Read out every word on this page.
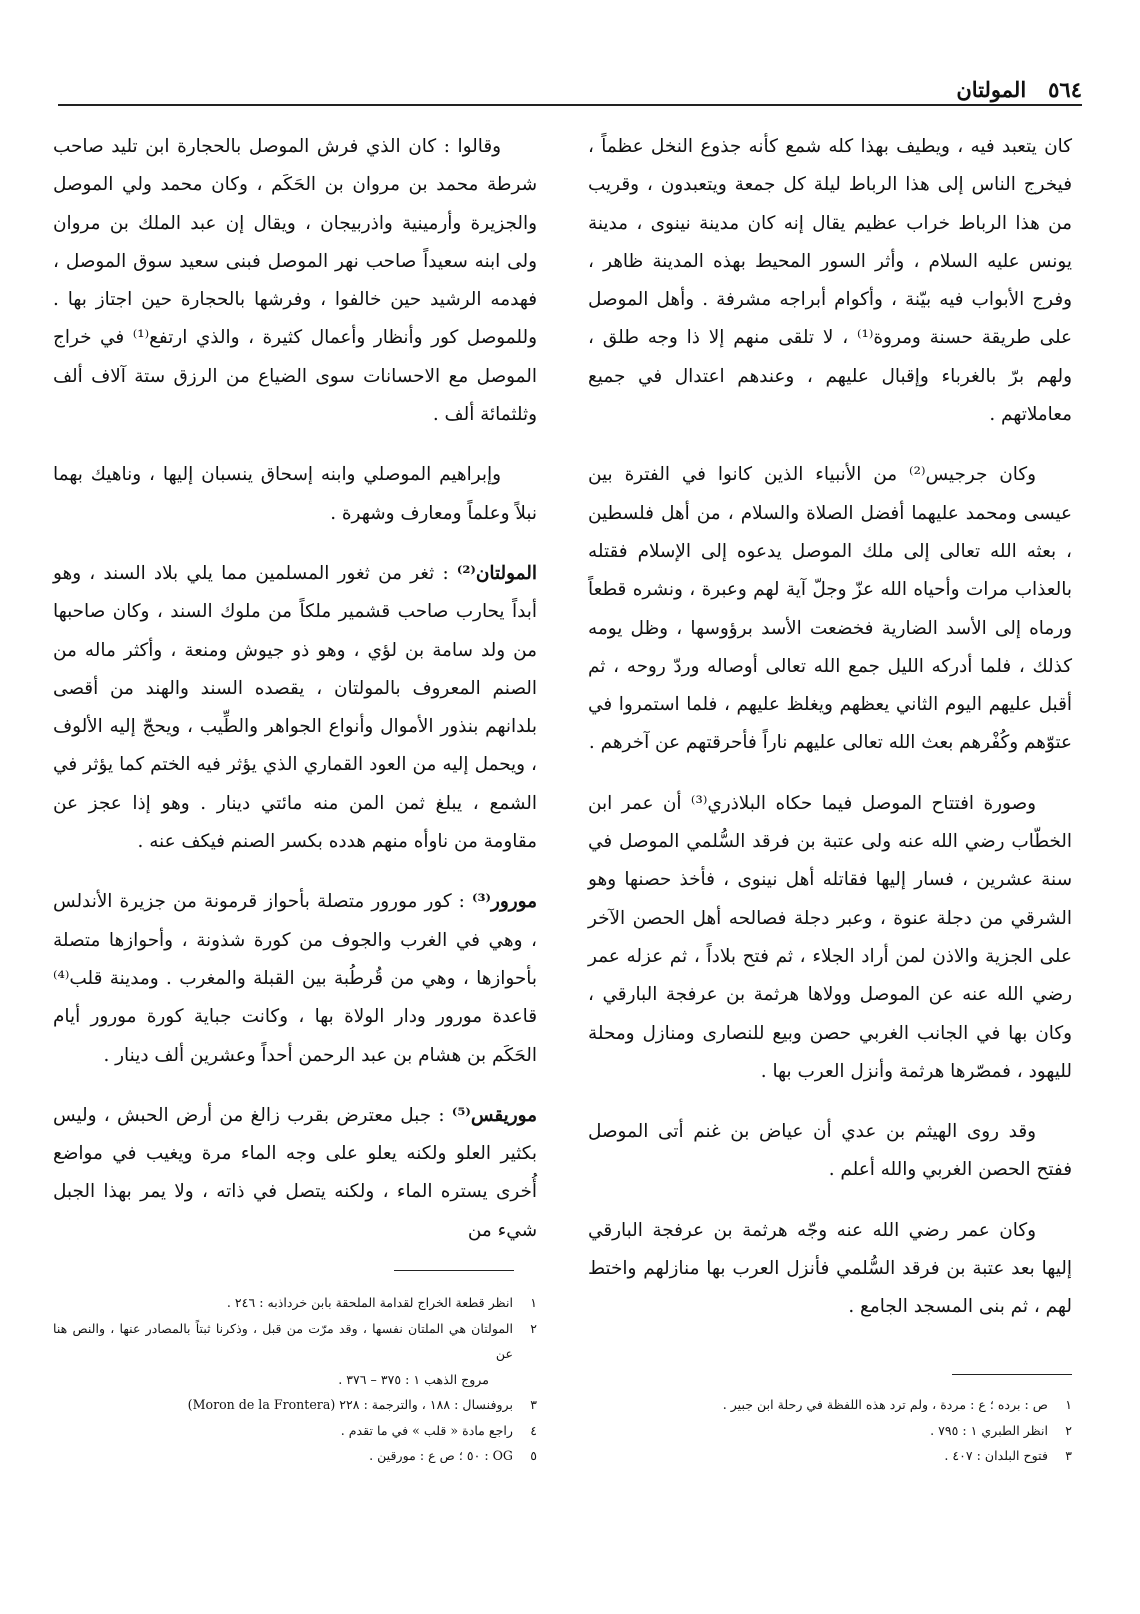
٥٦٤
المولتان

كان يتعبد فيه ، ويطيف بهذا كله شمع كأنه جذوع النخل عظماً ، فيخرج الناس إلى هذا الرباط ليلة كل جمعة ويتعبدون ، وقريب من هذا الرباط خراب عظيم يقال إنه كان مدينة نينوى ، مدينة يونس عليه السلام ، وأثر السور المحيط بهذه المدينة ظاهر ، وفرج الأبواب فيه بيّنة ، وأكوام أبراجه مشرفة . وأهل الموصل على طريقة حسنة ومروة⁽¹⁾ ، لا تلقى منهم إلا ذا وجه طلق ، ولهم برّ بالغرباء وإقبال عليهم ، وعندهم اعتدال في جميع معاملاتهم .

وكان جرجيس⁽²⁾ من الأنبياء الذين كانوا في الفترة بين عيسى ومحمد عليهما أفضل الصلاة والسلام ، من أهل فلسطين ، بعثه الله تعالى إلى ملك الموصل يدعوه إلى الإسلام فقتله بالعذاب مرات وأحياه الله عزّ وجلّ آية لهم وعبرة ، ونشره قطعاً ورماه إلى الأسد الضارية فخضعت الأسد برؤوسها ، وظل يومه كذلك ، فلما أدركه الليل جمع الله تعالى أوصاله وردّ روحه ، ثم أقبل عليهم اليوم الثاني يعظهم ويغلظ عليهم ، فلما استمروا في عتوّهم وكُفْرهم بعث الله تعالى عليهم ناراً فأحرقتهم عن آخرهم .

وصورة افتتاح الموصل فيما حكاه البلاذري⁽³⁾ أن عمر ابن الخطّاب رضي الله عنه ولى عتبة بن فرقد السُّلمي الموصل في سنة عشرين ، فسار إليها فقاتله أهل نينوى ، فأخذ حصنها وهو الشرقي من دجلة عنوة ، وعبر دجلة فصالحه أهل الحصن الآخر على الجزية والاذن لمن أراد الجلاء ، ثم فتح بلاداً ، ثم عزله عمر رضي الله عنه عن الموصل وولاها هرثمة بن عرفجة البارقي ، وكان بها في الجانب الغربي حصن وبيع للنصارى ومنازل ومحلة لليهود ، فمصّرها هرثمة وأنزل العرب بها .

وقد روى الهيثم بن عدي أن عياض بن غنم أتى الموصل ففتح الحصن الغربي والله أعلم .

وكان عمر رضي الله عنه وجّه هرثمة بن عرفجة البارقي إليها بعد عتبة بن فرقد السُّلمي فأنزل العرب بها منازلهم واختط لهم ، ثم بنى المسجد الجامع .

وقالوا : كان الذي فرش الموصل بالحجارة ابن تليد صاحب شرطة محمد بن مروان بن الحَكَم ، وكان محمد ولي الموصل والجزيرة وأرمينية واذربيجان ، ويقال إن عبد الملك بن مروان ولى ابنه سعيداً صاحب نهر الموصل فبنى سعيد سوق الموصل ، فهدمه الرشيد حين خالفوا ، وفرشها بالحجارة حين اجتاز بها . وللموصل كور وأنظار وأعمال كثيرة ، والذي ارتفع⁽¹⁾ في خراج الموصل مع الاحسانات سوى الضياع من الرزق ستة آلاف ألف وثلثمائة ألف .

وإبراهيم الموصلي وابنه إسحاق ينسبان إليها ، وناهيك بهما نبلاً وعلماً ومعارف وشهرة .

المولتان⁽²⁾ : ثغر من ثغور المسلمين مما يلي بلاد السند ، وهو أبداً يحارب صاحب قشمير ملكاً من ملوك السند ، وكان صاحبها من ولد سامة بن لؤي ، وهو ذو جيوش ومنعة ، وأكثر ماله من الصنم المعروف بالمولتان ، يقصده السند والهند من أقصى بلدانهم بنذور الأموال وأنواع الجواهر والطِّيب ، ويحجّ إليه الألوف ، ويحمل إليه من العود القماري الذي يؤثر فيه الختم كما يؤثر في الشمع ، يبلغ ثمن المن منه مائتي دينار . وهو إذا عجز عن مقاومة من ناوأه منهم هدده بكسر الصنم فيكف عنه .

مورور⁽³⁾ : كور مورور متصلة بأحواز قرمونة من جزيرة الأندلس ، وهي في الغرب والجوف من كورة شذونة ، وأحوازها متصلة بأحوازها ، وهي من قُرطُبة بين القبلة والمغرب . ومدينة قلب⁽⁴⁾ قاعدة مورور ودار الولاة بها ، وكانت جباية كورة مورور أيام الحَكَم بن هشام بن عبد الرحمن أحداً وعشرين ألف دينار .

موريقس⁽⁵⁾ : جبل معترض بقرب زالغ من أرض الحبش ، وليس بكثير العلو ولكنه يعلو على وجه الماء مرة ويغيب في مواضع أُخرى يستره الماء ، ولكنه يتصل في ذاته ، ولا يمر بهذا الجبل شيء من

١
انظر قطعة الخراج لقدامة الملحقة بابن خرداذبه : ٢٤٦ .
٢
المولتان هي الملتان نفسها ، وقد مرّت من قبل ، وذكرنا ثبتاً بالمصادر عنها ، والنص هنا عن
مروج الذهب ١ : ٣٧٥ – ٣٧٦ .
٣
بروفنسال : ١٨٨ ، والترجمة : ٢٢٨ (Moron de la Frontera)
٤
راجع مادة « قلب » في ما تقدم .
٥
OG : ٥٠ ؛ ص ع : مورقين .
١
ص : برده ؛ ع : مردة ، ولم ترد هذه اللفظة في رحلة ابن جبير .
٢
انظر الطبري ١ : ٧٩٥ .
٣
فتوح البلدان : ٤٠٧ .
